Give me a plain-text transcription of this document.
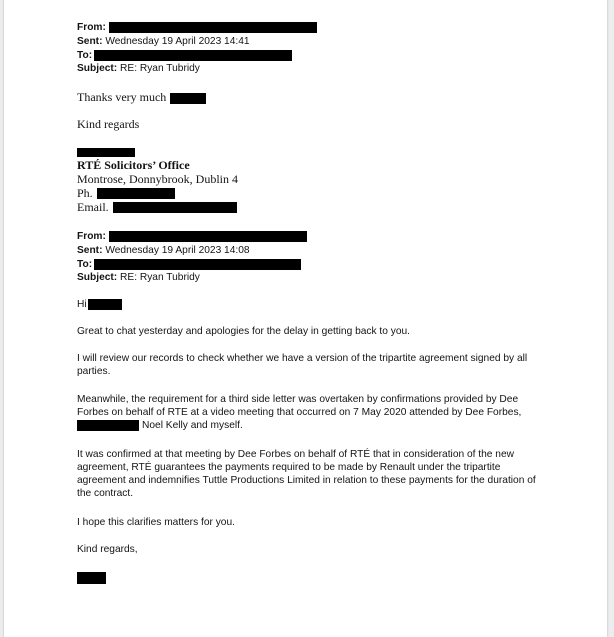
From:
Sent: Wednesday 19 April 2023 14:41
To:
Subject: RE: Ryan Tubridy
Thanks very much
Kind regards
RTÉ Solicitors’ Office
Montrose, Donnybrook, Dublin 4
Ph.
Email.
From:
Sent: Wednesday 19 April 2023 14:08
To:
Subject: RE: Ryan Tubridy
Hi

Great to chat yesterday and apologies for the delay in getting back to you.

I will review our records to check whether we have a version of the tripartite agreement signed by all parties.

Meanwhile, the requirement for a third side letter was overtaken by confirmations provided by Dee Forbes on behalf of RTE at a video meeting that occurred on 7 May 2020 attended by Dee Forbes,
Noel Kelly and myself.

It was confirmed at that meeting by Dee Forbes on behalf of RTÉ that in consideration of the new agreement, RTÉ guarantees the payments required to be made by Renault under the tripartite agreement and indemnifies Tuttle Productions Limited in relation to these payments for the duration of the contract.

I hope this clarifies matters for you.

Kind regards,
